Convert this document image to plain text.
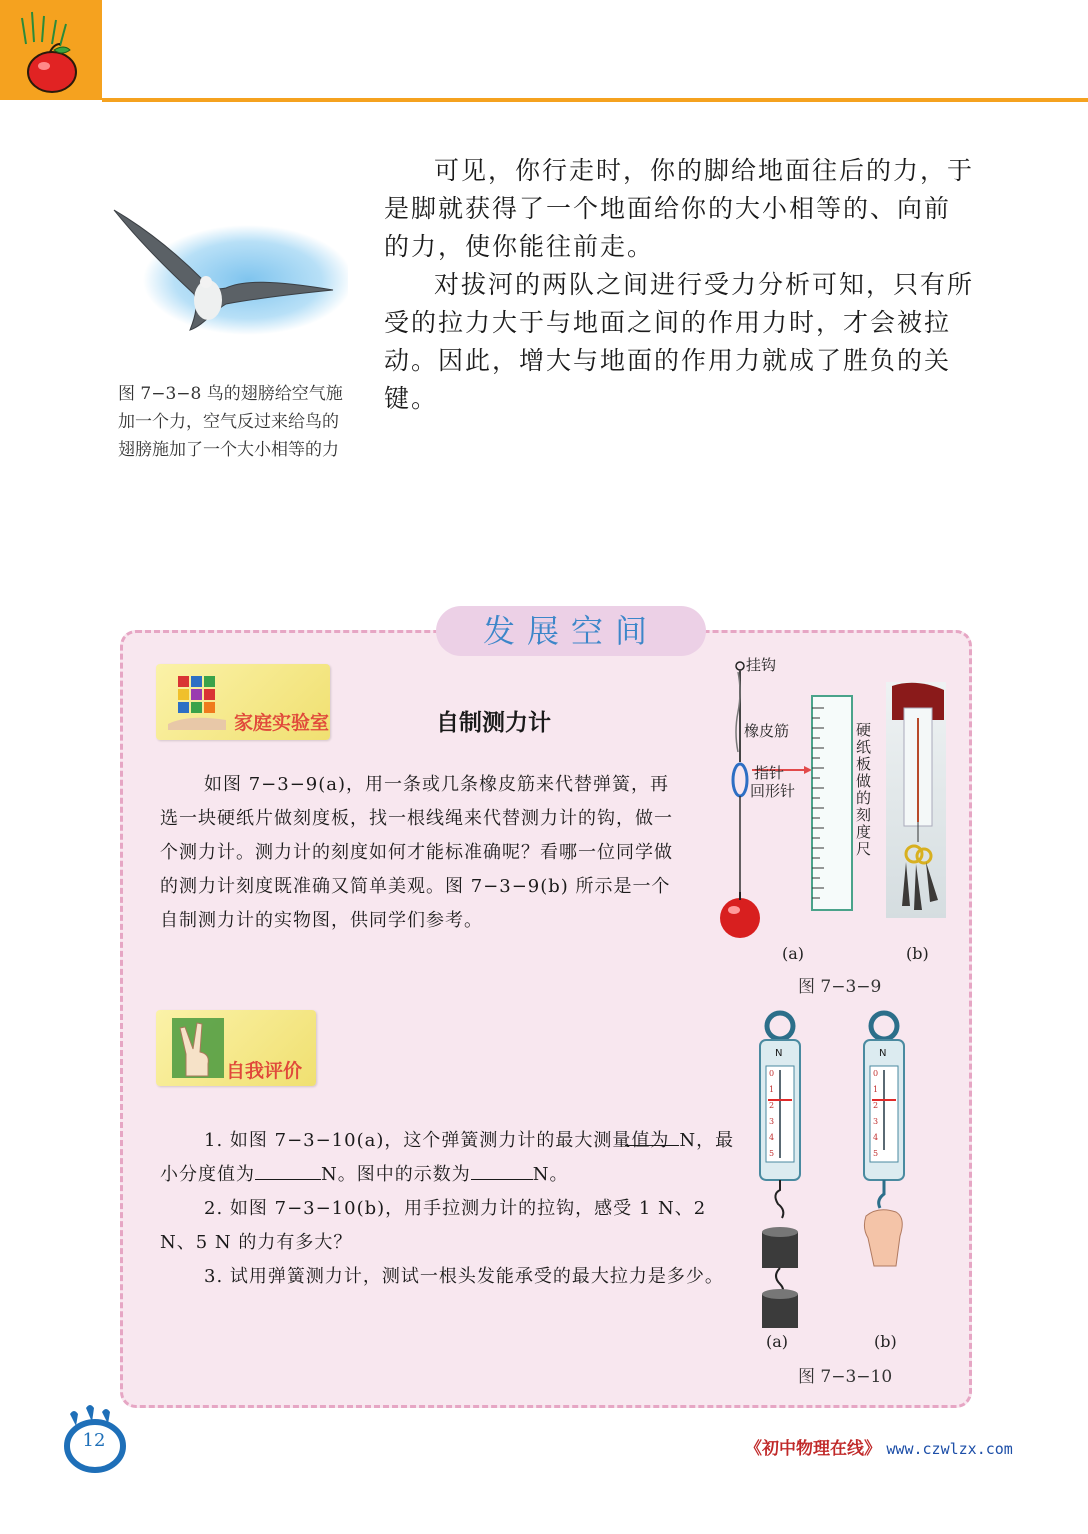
可见，你行走时，你的脚给地面往后的力，于是脚就获得了一个地面给你的大小相等的、向前的力，使你能往前走。

对拔河的两队之间进行受力分析可知，只有所受的拉力大于与地面之间的作用力时，才会被拉动。因此，增大与地面的作用力就成了胜负的关键。

图 7−3−8 鸟的翅膀给空气施加一个力，空气反过来给鸟的翅膀施加了一个大小相等的力
发展空间
家庭实验室	自制测力计

如图 7−3−9(a)，用一条或几条橡皮筋来代替弹簧，再选一块硬纸片做刻度板，找一根线绳来代替测力计的钩，做一个测力计。测力计的刻度如何才能标准确呢？看哪一位同学做的测力计刻度既准确又简单美观。图 7−3−9(b) 所示是一个自制测力计的实物图，供同学们参考。

挂钩
橡皮筋
指针
回形针
硬纸板做的刻度尺
(a)	(b)
图 7−3−9
自我评价

1. 如图 7−3−10(a)，这个弹簧测力计的最大测量值为 N，最小分度值为	N。图中的示数为	N。

2. 如图 7−3−10(b)，用手拉测力计的拉钩，感受 1 N、2 N、5 N 的力有多大？

3. 试用弹簧测力计，测试一根头发能承受的最大拉力是多少。

N
0
1
2
3
4
5
N
0
1
2
3
4
5
(a)	(b)
图 7−3−10
12	《初中物理在线》 www.czwlzx.com
